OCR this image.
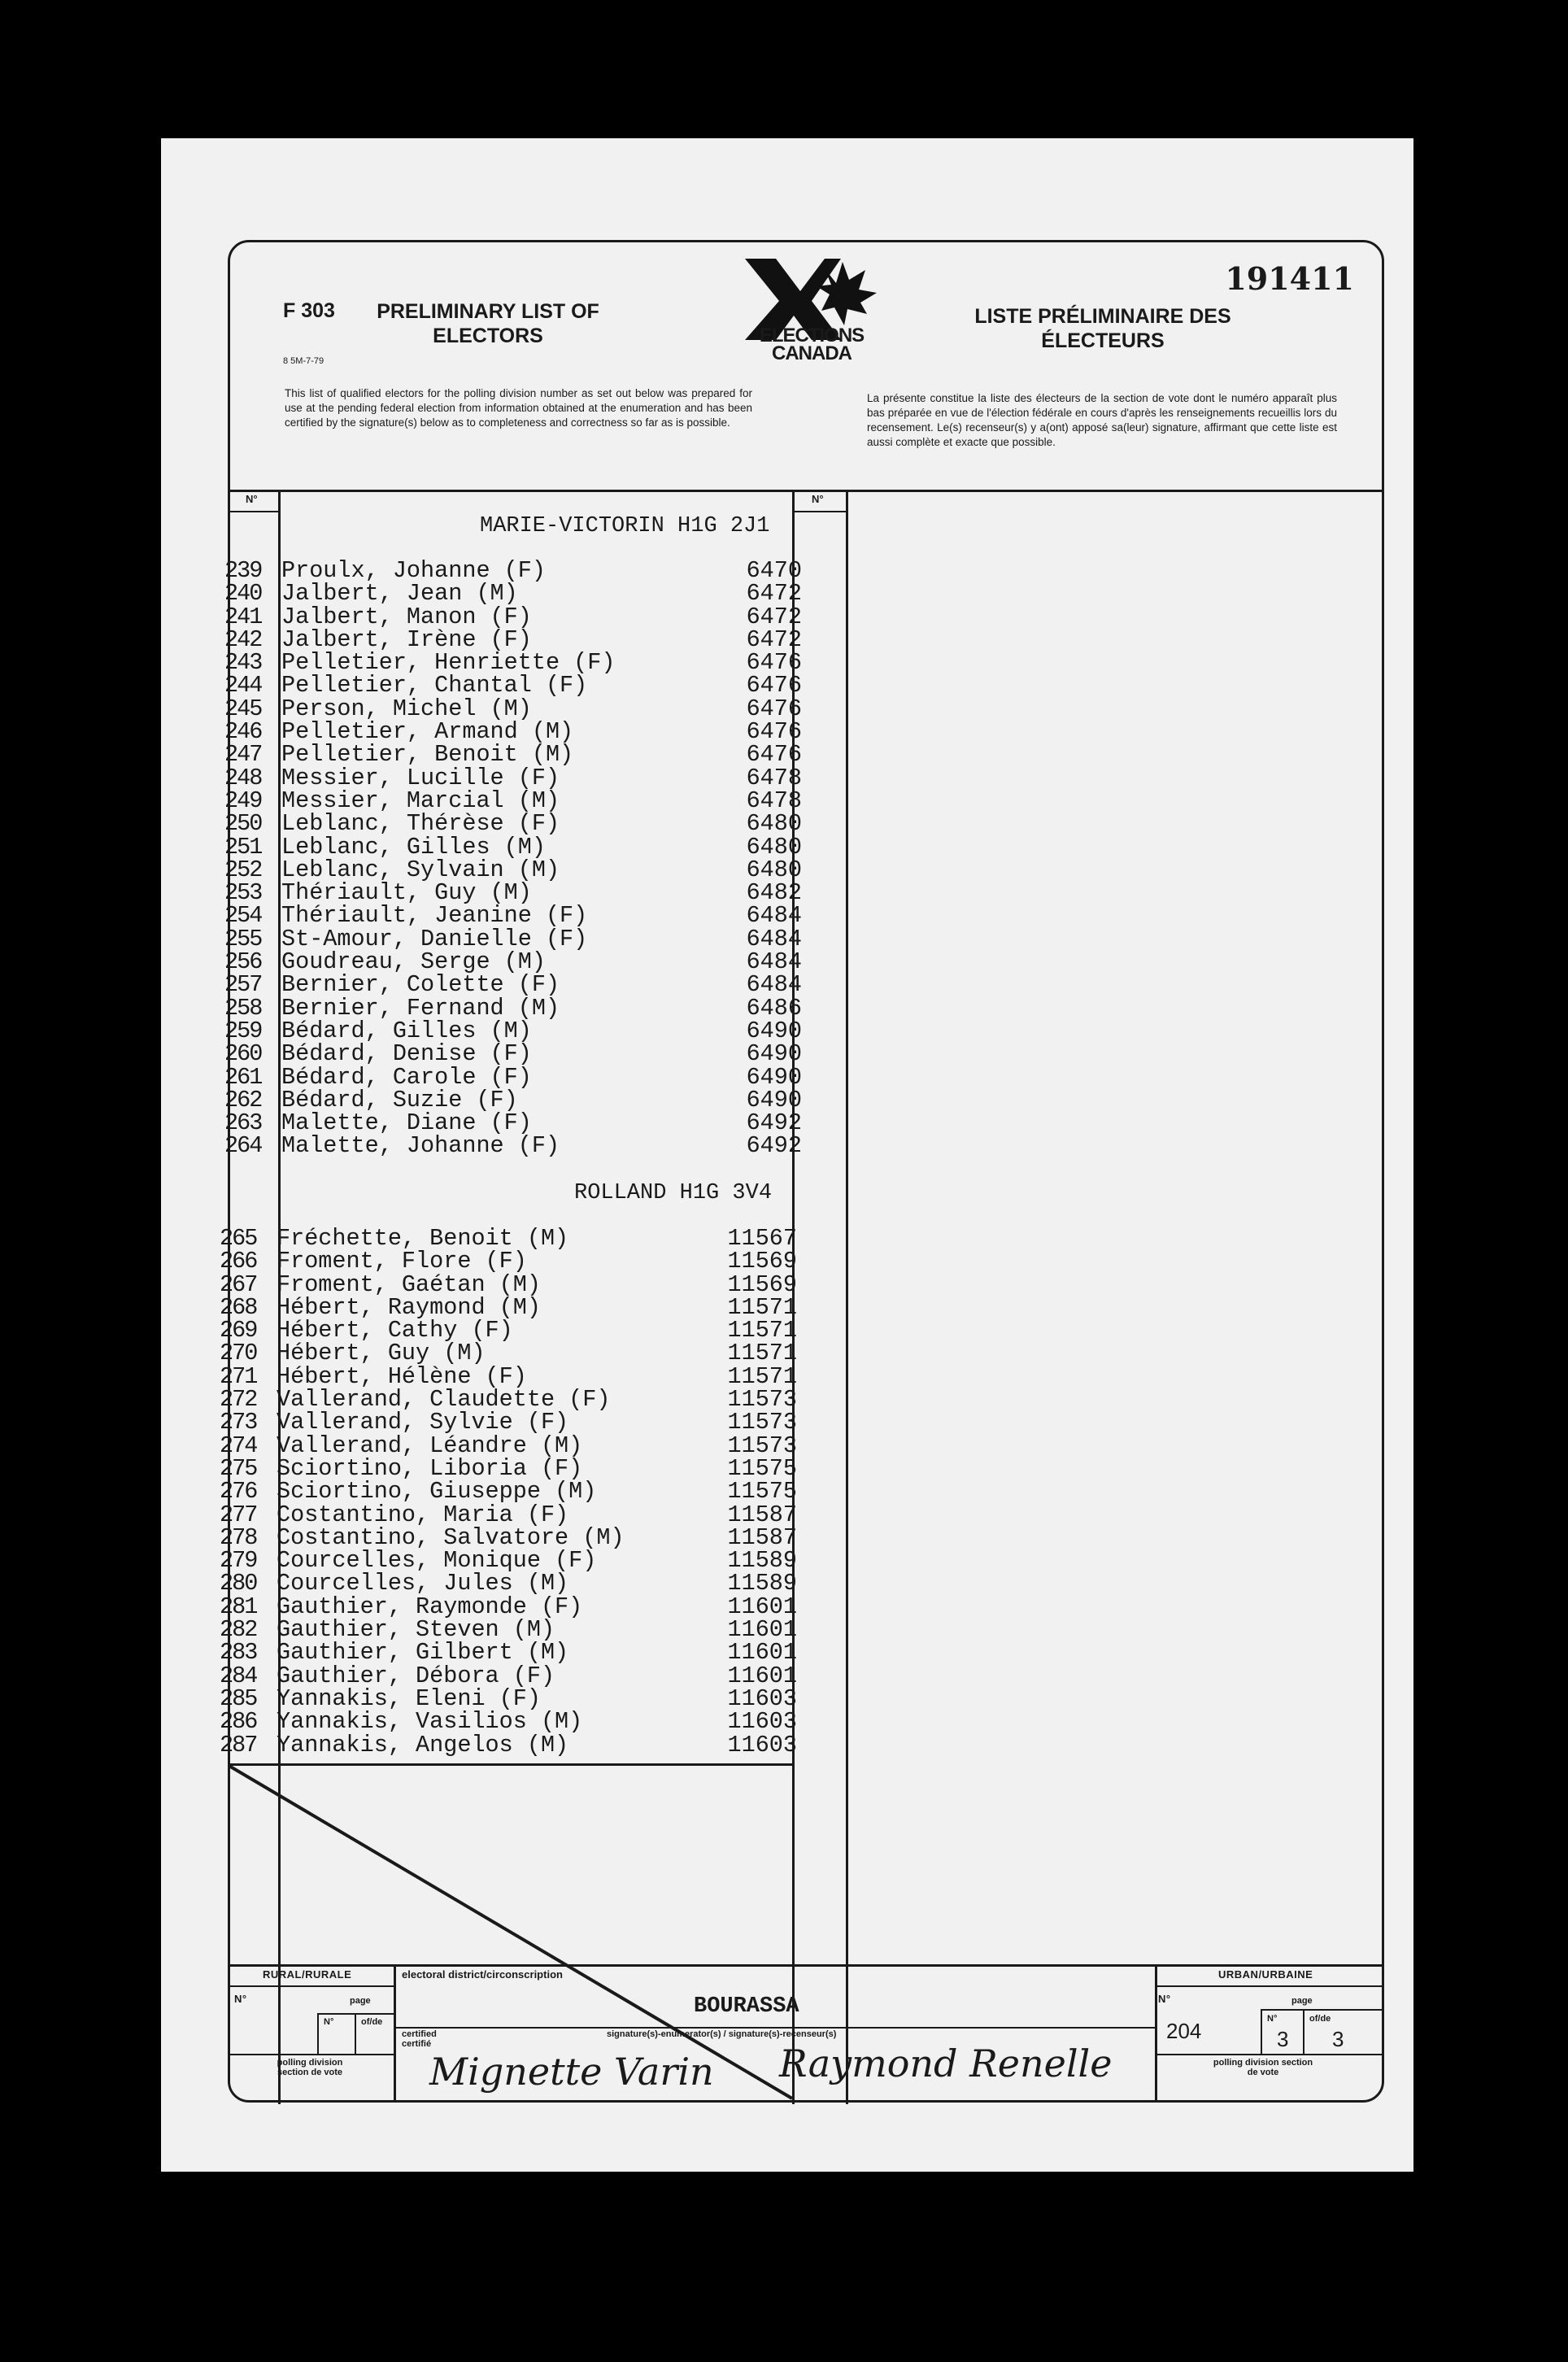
F 303
8 5M-7-79
PRELIMINARY LIST OF ELECTORS	ELECTIONS CANADA
LISTE PRÉLIMINAIRE DES ÉLECTEURS
191411
This list of qualified electors for the polling division number as set out below was prepared for use at the pending federal election from information obtained at the enumeration and has been certified by the signature(s) below as to completeness and correctness so far as is possible.
La présente constitue la liste des électeurs de la section de vote dont le numéro apparaît plus bas préparée en vue de l'élection fédérale en cours d'après les renseignements recueillis lors du recensement. Le(s) recenseur(s) y a(ont) apposé sa(leur) signature, affirmant que cette liste est aussi complète et exacte que possible.
N°	N°
MARIE-VICTORIN H1G 2J1
239 Proulx, Johanne (F)	6470
240 Jalbert, Jean (M)	6472
241 Jalbert, Manon (F)	6472
242 Jalbert, Irène (F)	6472
243 Pelletier, Henriette (F)	6476
244 Pelletier, Chantal (F)	6476
245 Person, Michel (M)	6476
246 Pelletier, Armand (M)	6476
247 Pelletier, Benoit (M)	6476
248 Messier, Lucille (F)	6478
249 Messier, Marcial (M)	6478
250 Leblanc, Thérèse (F)	6480
251 Leblanc, Gilles (M)	6480
252 Leblanc, Sylvain (M)	6480
253 Thériault, Guy (M)	6482
254 Thériault, Jeanine (F)	6484
255 St-Amour, Danielle (F)	6484
256 Goudreau, Serge (M)	6484
257 Bernier, Colette (F)	6484
258 Bernier, Fernand (M)	6486
259 Bédard, Gilles (M)	6490
260 Bédard, Denise (F)	6490
261 Bédard, Carole (F)	6490
262 Bédard, Suzie (F)	6490
263 Malette, Diane (F)	6492
264 Malette, Johanne (F)	6492
ROLLAND H1G 3V4
265 Fréchette, Benoit (M)	11567
266 Froment, Flore (F)	11569
267 Froment, Gaétan (M)	11569
268 Hébert, Raymond (M)	11571
269 Hébert, Cathy (F)	11571
270 Hébert, Guy (M)	11571
271 Hébert, Hélène (F)	11571
272 Vallerand, Claudette (F)	11573
273 Vallerand, Sylvie (F)	11573
274 Vallerand, Léandre (M)	11573
275 Sciortino, Liboria (F)	11575
276 Sciortino, Giuseppe (M)	11575
277 Costantino, Maria (F)	11587
278 Costantino, Salvatore (M)	11587
279 Courcelles, Monique (F)	11589
280 Courcelles, Jules (M)	11589
281 Gauthier, Raymonde (F)	11601
282 Gauthier, Steven (M)	11601
283 Gauthier, Gilbert (M)	11601
284 Gauthier, Débora (F)	11601
285 Yannakis, Eleni (F)	11603
286 Yannakis, Vasilios (M)	11603
287 Yannakis, Angelos (M)	11603
RURAL/RURALE
N°	page
N°	of/de
polling division section de vote
electoral district/circonscription
BOURASSA
certified certifié
signature(s)-enumerator(s) / signature(s)-recenseur(s)
URBAN/URBAINE
N°
204
page
N°	of/de
3 3
polling division section de vote
Mignette Varin Raymond Renelle
